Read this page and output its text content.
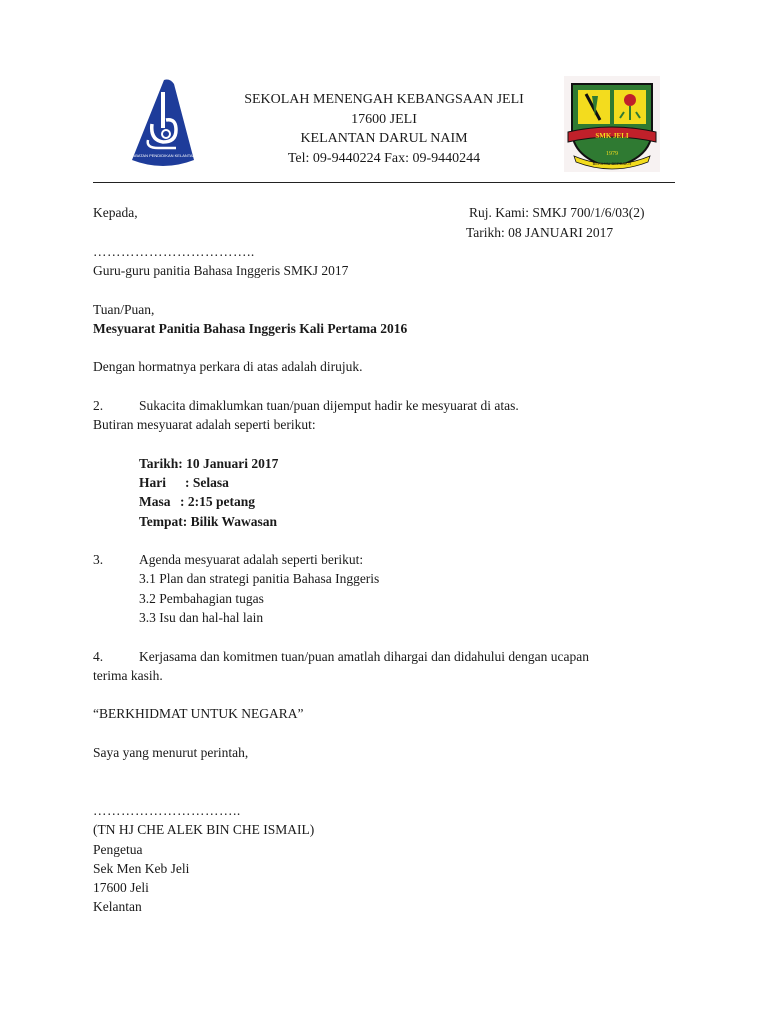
JABATAN PENDIDIKAN KELANTAN
SMK JELI
1979
BERILMU BERBAKTI
SEKOLAH MENENGAH KEBANGSAAN JELI
17600 JELI
KELANTAN DARUL NAIM
Tel: 09-9440224 Fax: 09-9440244
Kepada,	Ruj. Kami: SMKJ 700/1/6/03(2)
Tarikh: 08 JANUARI 2017
……………………………..
Guru-guru panitia Bahasa Inggeris SMKJ 2017
Tuan/Puan,
Mesyuarat Panitia Bahasa Inggeris Kali Pertama 2016
Dengan hormatnya perkara di atas adalah dirujuk.
2.	Sukacita dimaklumkan tuan/puan dijemput hadir ke mesyuarat di atas.
Butiran mesyuarat adalah seperti berikut:
Tarikh: 10 Januari 2017
Hari : Selasa
Masa : 2:15 petang
Tempat: Bilik Wawasan
3.	Agenda mesyuarat adalah seperti berikut:
3.1 Plan dan strategi panitia Bahasa Inggeris
3.2 Pembahagian tugas
3.3 Isu dan hal-hal lain
4.	Kerjasama dan komitmen tuan/puan amatlah dihargai dan didahului dengan ucapan
terima kasih.
“BERKHIDMAT UNTUK NEGARA”
Saya yang menurut perintah,
…………………………..
(TN HJ CHE ALEK BIN CHE ISMAIL)
Pengetua
Sek Men Keb Jeli
17600 Jeli
Kelantan
